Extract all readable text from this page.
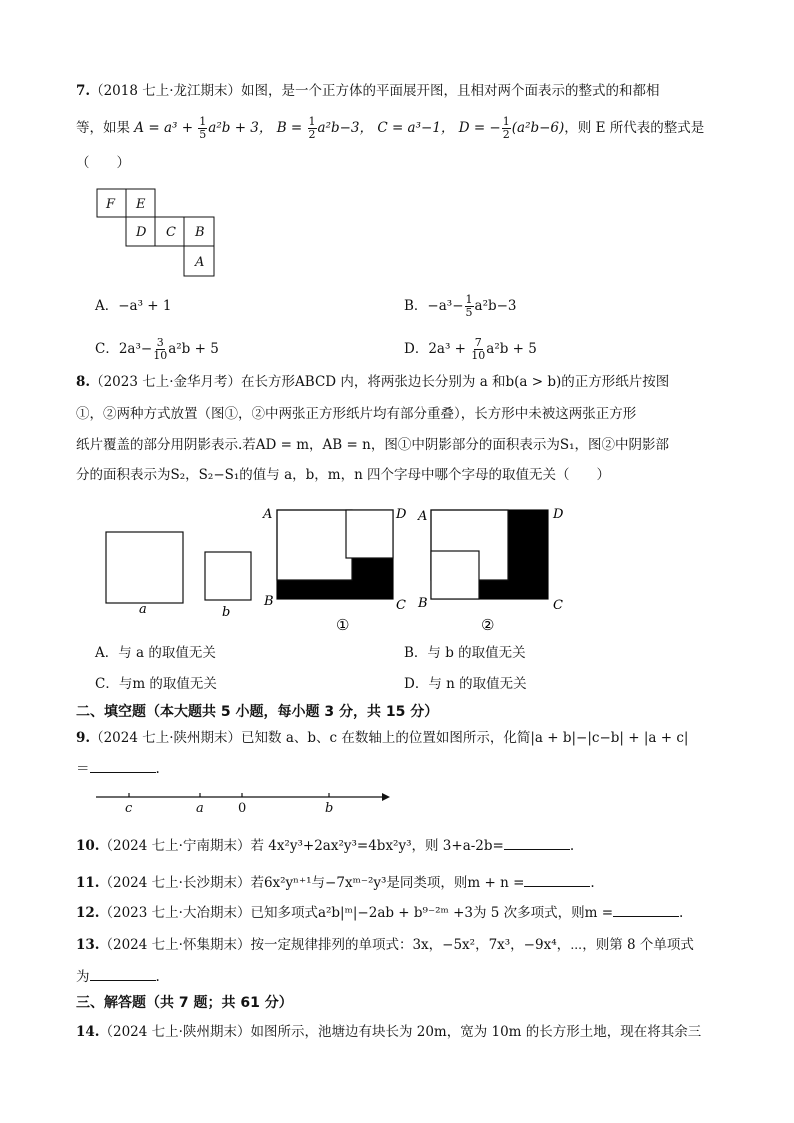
7.（2018 七上·龙江期末）如图，是一个正方体的平面展开图，且相对两个面表示的整式的和都相
等，如果 $A = a^3 + \frac{1}{5} a^2b + 3$， $B = \frac{1}{2} a^2b-3$， C = a³−1， D = − $\frac{1}{2} (a^2b-6)$，则 E 所代表的整式是
（　　）
F E
D C B
A
A．−a³ + 1	B．$-a^3- \frac{1}{5} a^2b-3$
C．$2a^3- \frac{3}{10} a^2b + 5$	D．$2a^3 + \frac{7}{10} a^2b + 5$
8.（2023 七上·金华月考）在长方形ABCD 内，将两张边长分别为 a 和b(a > b)的正方形纸片按图
①，②两种方式放置（图①，②中两张正方形纸片均有部分重叠），长方形中未被这两张正方形
纸片覆盖的部分用阴影表示.若AD = m，AB = n，图①中阴影部分的面积表示为S₁，图②中阴影部
分的面积表示为S₂，S₂−S₁的值与 a，b，m，n 四个字母中哪个字母的取值无关（　　）
a	b
A	D
B	C
①
A	D
B	C
②
A．与 a 的取值无关	B．与 b 的取值无关
C．与m 的取值无关	D．与 n 的取值无关
二、填空题（本大题共 5 小题，每小题 3 分，共 15 分）
9.（2024 七上·陕州期末）已知数 a、b、c 在数轴上的位置如图所示，化简|a + b|−|c−b| + |a + c|
＝	.
c	a	0	b
10.（2024 七上·宁南期末）若 4x²y³+2ax²y³=4bx²y³，则 3+a-2b=	.
11.（2024 七上·长沙期末）若6x²yⁿ⁺¹与−7xᵐ⁻²y³是同类项，则m + n =	.
12.（2023 七上·大冶期末）已知多项式a²b|ᵐ|−2ab + b⁹⁻²ᵐ +3为 5 次多项式，则m =	.
13.（2024 七上·怀集期末）按一定规律排列的单项式：3x，−5x²，7x³，−9x⁴，⋯，则第 8 个单项式
为	.
三、解答题（共 7 题；共 61 分）
14.（2024 七上·陕州期末）如图所示，池塘边有块长为 20m，宽为 10m 的长方形土地，现在将其余三
